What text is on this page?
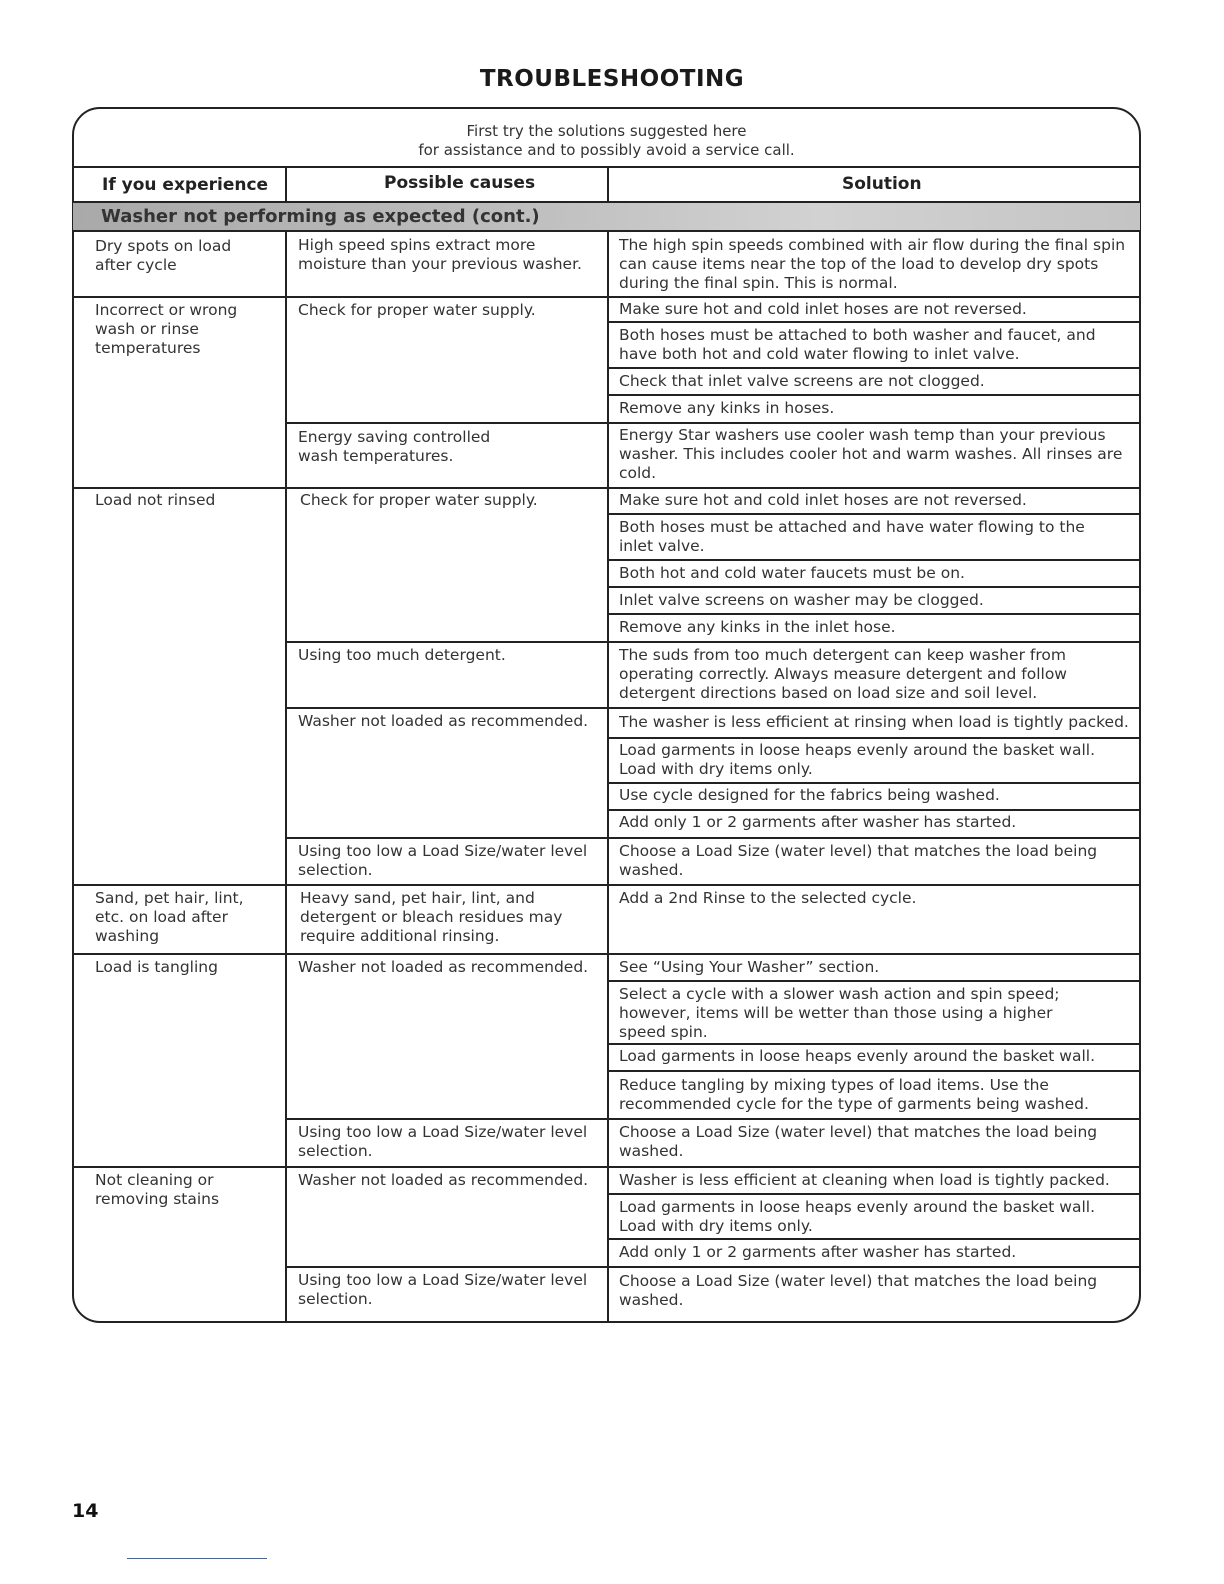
TROUBLESHOOTING
First try the solutions suggested here
for assistance and to possibly avoid a service call.
If you experience	Possible causes	Solution
Washer not performing as expected (cont.)
Dry spots on load
after cycle
Incorrect or wrong
wash or rinse
temperatures
Load not rinsed
Sand, pet hair, lint,
etc. on load after
washing
Load is tangling
Not cleaning or
removing stains
High speed spins extract more
moisture than your previous washer.
Check for proper water supply.
Energy saving controlled
wash temperatures.
Check for proper water supply.
Using too much detergent.
Washer not loaded as recommended.
Using too low a Load Size/water level
selection.
Heavy sand, pet hair, lint, and
detergent or bleach residues may
require additional rinsing.
Washer not loaded as recommended.
Using too low a Load Size/water level
selection.
Washer not loaded as recommended.
Using too low a Load Size/water level
selection.
The high spin speeds combined with air flow during the final spin
can cause items near the top of the load to develop dry spots
during the final spin. This is normal.
Make sure hot and cold inlet hoses are not reversed.
Both hoses must be attached to both washer and faucet, and
have both hot and cold water flowing to inlet valve.
Check that inlet valve screens are not clogged.
Remove any kinks in hoses.
Energy Star washers use cooler wash temp than your previous
washer. This includes cooler hot and warm washes. All rinses are
cold.
Make sure hot and cold inlet hoses are not reversed.
Both hoses must be attached and have water flowing to the
inlet valve.
Both hot and cold water faucets must be on.
Inlet valve screens on washer may be clogged.
Remove any kinks in the inlet hose.
The suds from too much detergent can keep washer from
operating correctly. Always measure detergent and follow
detergent directions based on load size and soil level.
The washer is less efficient at rinsing when load is tightly packed.
Load garments in loose heaps evenly around the basket wall.
Load with dry items only.
Use cycle designed for the fabrics being washed.
Add only 1 or 2 garments after washer has started.
Choose a Load Size (water level) that matches the load being
washed.
Add a 2nd Rinse to the selected cycle.
See “Using Your Washer” section.
Select a cycle with a slower wash action and spin speed;
however, items will be wetter than those using a higher
speed spin.
Load garments in loose heaps evenly around the basket wall.
Reduce tangling by mixing types of load items. Use the
recommended cycle for the type of garments being washed.
Choose a Load Size (water level) that matches the load being
washed.
Washer is less efficient at cleaning when load is tightly packed.
Load garments in loose heaps evenly around the basket wall.
Load with dry items only.
Add only 1 or 2 garments after washer has started.
Choose a Load Size (water level) that matches the load being
washed.
14
